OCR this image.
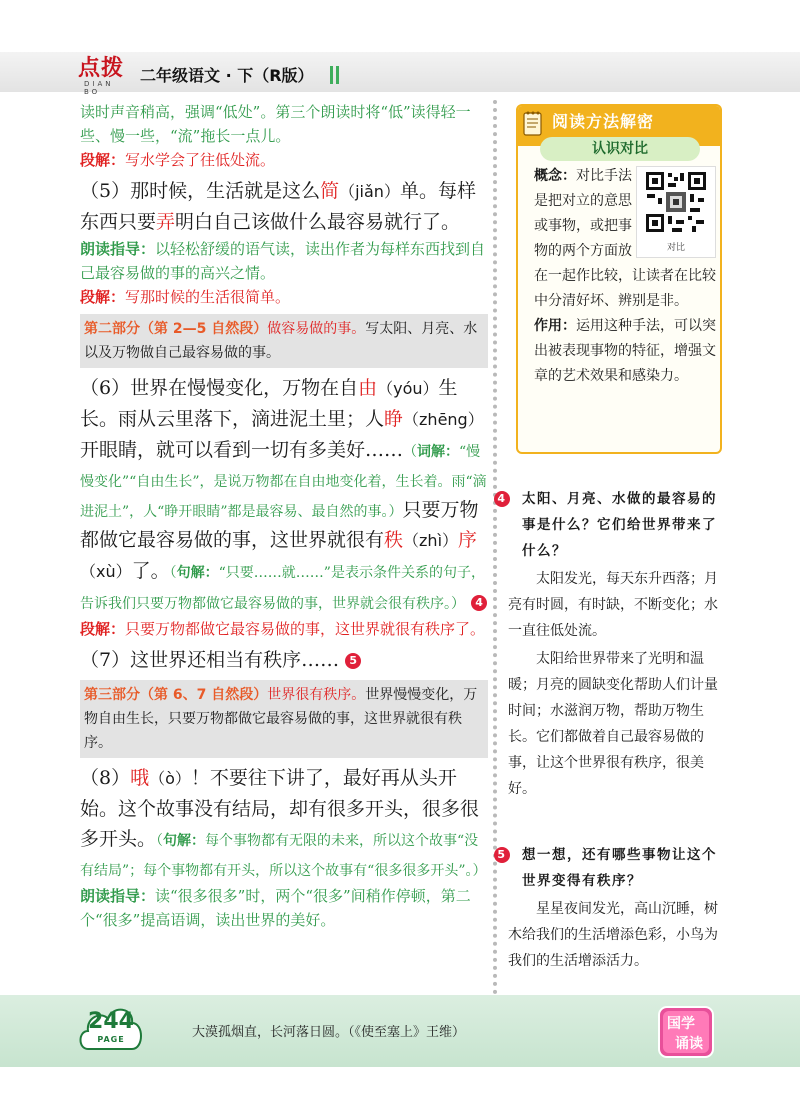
点拨
DIAN BO
二年级语文 · 下（R版）

读时声音稍高，强调“低处”。第三个朗读时将“低”读得轻一些、慢一些，“流”拖长一点儿。

段解：写水学会了往低处流。

（5）那时候，生活就是这么简（jiǎn）单。每样东西只要弄明白自己该做什么最容易就行了。

朗读指导：以轻松舒缓的语气读，读出作者为每样东西找到自己最容易做的事的高兴之情。

段解：写那时候的生活很简单。

第二部分（第 2—5 自然段）做容易做的事。写太阳、月亮、水以及万物做自己最容易做的事。

（6）世界在慢慢变化，万物在自由（yóu）生长。雨从云里落下，滴进泥土里；人睁（zhēng）开眼睛，就可以看到一切有多美好……（词解：“慢慢变化”“自由生长”，是说万物都在自由地变化着，生长着。雨“滴进泥土”，人“睁开眼睛”都是最容易、最自然的事。）只要万物都做它最容易做的事，这世界就很有秩（zhì）序（xù）了。（句解：“只要……就……”是表示条件关系的句子，告诉我们只要万物都做它最容易做的事，世界就会很有秩序。） 4

段解：只要万物都做它最容易做的事，这世界就很有秩序了。

（7）这世界还相当有秩序…… 5

第三部分（第 6、7 自然段）世界很有秩序。世界慢慢变化，万物自由生长，只要万物都做它最容易做的事，这世界就很有秩序。

（8）哦（ò）！不要往下讲了，最好再从头开始。这个故事没有结局，却有很多开头，很多很多开头。（句解：每个事物都有无限的未来，所以这个故事“没有结局”；每个事物都有开头，所以这个故事有“很多很多开头”。）

朗读指导：读“很多很多”时，两个“很多”间稍作停顿，第二个“很多”提高语调，读出世界的美好。

阅读方法解密
认识对比
对比
概念：对比手法是把对立的意思或事物，或把事物的两个方面放在一起作比较，让读者在比较中分清好坏、辨别是非。
作用：运用这种手法，可以突出被表现事物的特征，增强文章的艺术效果和感染力。
4 太阳、月亮、水做的最容易的事是什么？它们给世界带来了什么？

太阳发光，每天东升西落；月亮有时圆，有时缺，不断变化；水一直往低处流。

太阳给世界带来了光明和温暖；月亮的圆缺变化帮助人们计量时间；水滋润万物，帮助万物生长。它们都做着自己最容易做的事，让这个世界很有秩序，很美好。

5 想一想，还有哪些事物让这个世界变得有秩序？

星星夜间发光，高山沉睡，树木给我们的生活增添色彩，小鸟为我们的生活增添活力。

244
PAGE	大漠孤烟直，长河落日圆。（《使至塞上》王维）
国学
诵读
